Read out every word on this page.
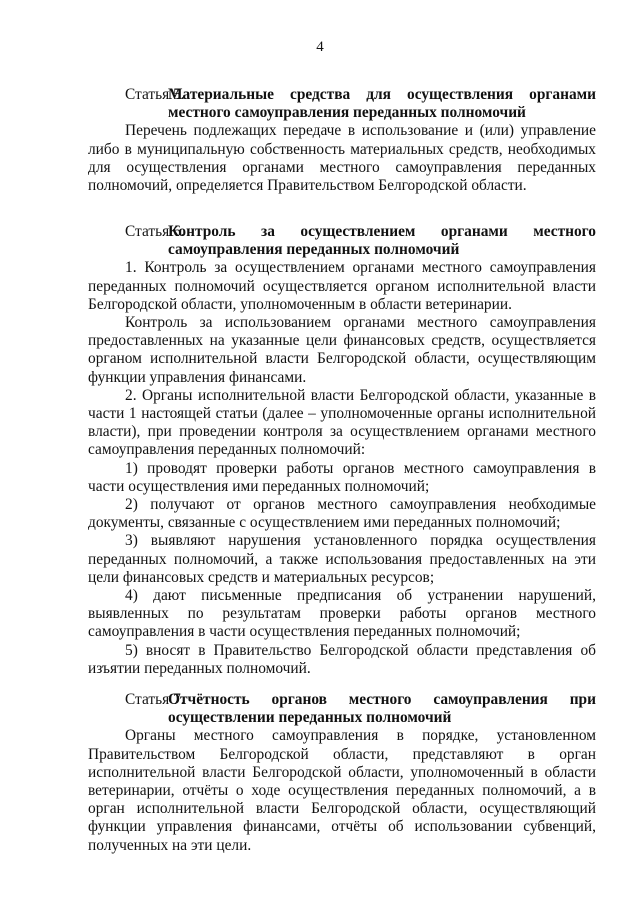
4
Статья 5.
Материальные средства для осуществления органами местного самоуправления переданных полномочий

Перечень подлежащих передаче в использование и (или) управление либо в муниципальную собственность материальных средств, необходимых для осуществления органами местного самоуправления переданных полномочий, определяется Правительством Белгородской области.

Статья 6.
Контроль за осуществлением органами местного самоуправления переданных полномочий

1. Контроль за осуществлением органами местного самоуправления переданных полномочий осуществляется органом исполнительной власти Белгородской области, уполномоченным в области ветеринарии.

Контроль за использованием органами местного самоуправления предоставленных на указанные цели финансовых средств, осуществляется органом исполнительной власти Белгородской области, осуществляющим функции управления финансами.

2. Органы исполнительной власти Белгородской области, указанные в части 1 настоящей статьи (далее – уполномоченные органы исполнительной власти), при проведении контроля за осуществлением органами местного самоуправления переданных полномочий:

1) проводят проверки работы органов местного самоуправления в части осуществления ими переданных полномочий;

2) получают от органов местного самоуправления необходимые документы, связанные с осуществлением ими переданных полномочий;

3) выявляют нарушения установленного порядка осуществления переданных полномочий, а также использования предоставленных на эти цели финансовых средств и материальных ресурсов;

4) дают письменные предписания об устранении нарушений, выявленных по результатам проверки работы органов местного самоуправления в части осуществления переданных полномочий;

5) вносят в Правительство Белгородской области представления об изъятии переданных полномочий.

Статья 7.
Отчётность органов местного самоуправления при осуществлении переданных полномочий

Органы местного самоуправления в порядке, установленном Правительством Белгородской области, представляют в орган исполнительной власти Белгородской области, уполномоченный в области ветеринарии, отчёты о ходе осуществления переданных полномочий, а в орган исполнительной власти Белгородской области, осуществляющий функции управления финансами, отчёты об использовании субвенций, полученных на эти цели.
